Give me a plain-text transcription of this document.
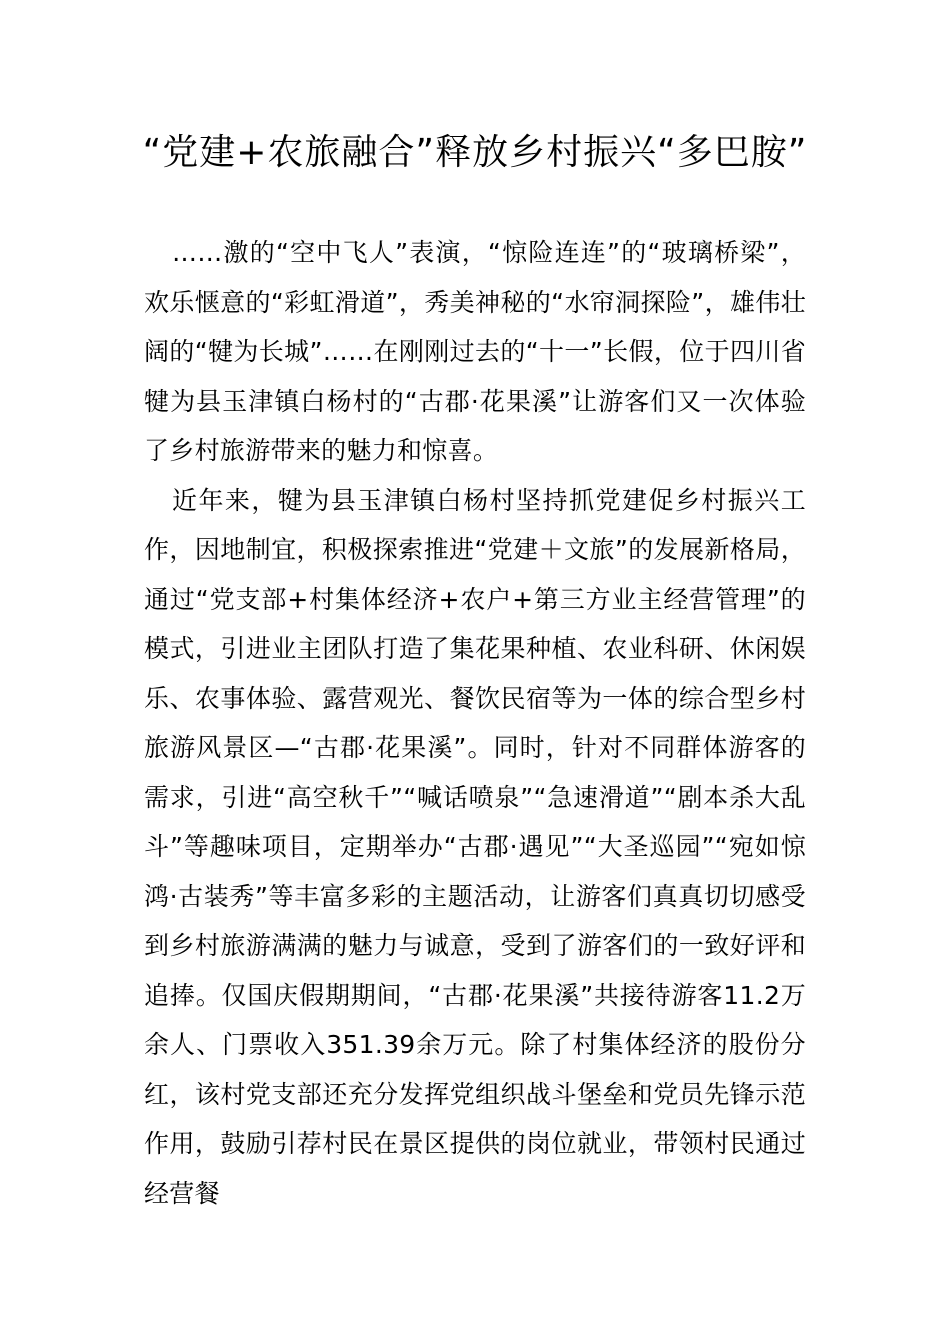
“党建+农旅融合”释放乡村振兴“多巴胺”

……激的“空中飞人”表演，“惊险连连”的“玻璃桥梁”，欢乐惬意的“彩虹滑道”，秀美神秘的“水帘洞探险”，雄伟壮阔的“犍为长城”……在刚刚过去的“十一”长假，位于四川省犍为县玉津镇白杨村的“古郡·花果溪”让游客们又一次体验了乡村旅游带来的魅力和惊喜。

近年来，犍为县玉津镇白杨村坚持抓党建促乡村振兴工作，因地制宜，积极探索推进“党建＋文旅”的发展新格局，通过“党支部+村集体经济+农户+第三方业主经营管理”的模式，引进业主团队打造了集花果种植、农业科研、休闲娱乐、农事体验、露营观光、餐饮民宿等为一体的综合型乡村旅游风景区—“古郡·花果溪”。同时，针对不同群体游客的需求，引进“高空秋千”“喊话喷泉”“急速滑道”“剧本杀大乱斗”等趣味项目，定期举办“古郡·遇见”“大圣巡园”“宛如惊鸿·古装秀”等丰富多彩的主题活动，让游客们真真切切感受到乡村旅游满满的魅力与诚意，受到了游客们的一致好评和追捧。仅国庆假期期间，“古郡·花果溪”共接待游客11.2万余人、门票收入351.39余万元。除了村集体经济的股份分红，该村党支部还充分发挥党组织战斗堡垒和党员先锋示范作用，鼓励引荐村民在景区提供的岗位就业，带领村民通过经营餐
